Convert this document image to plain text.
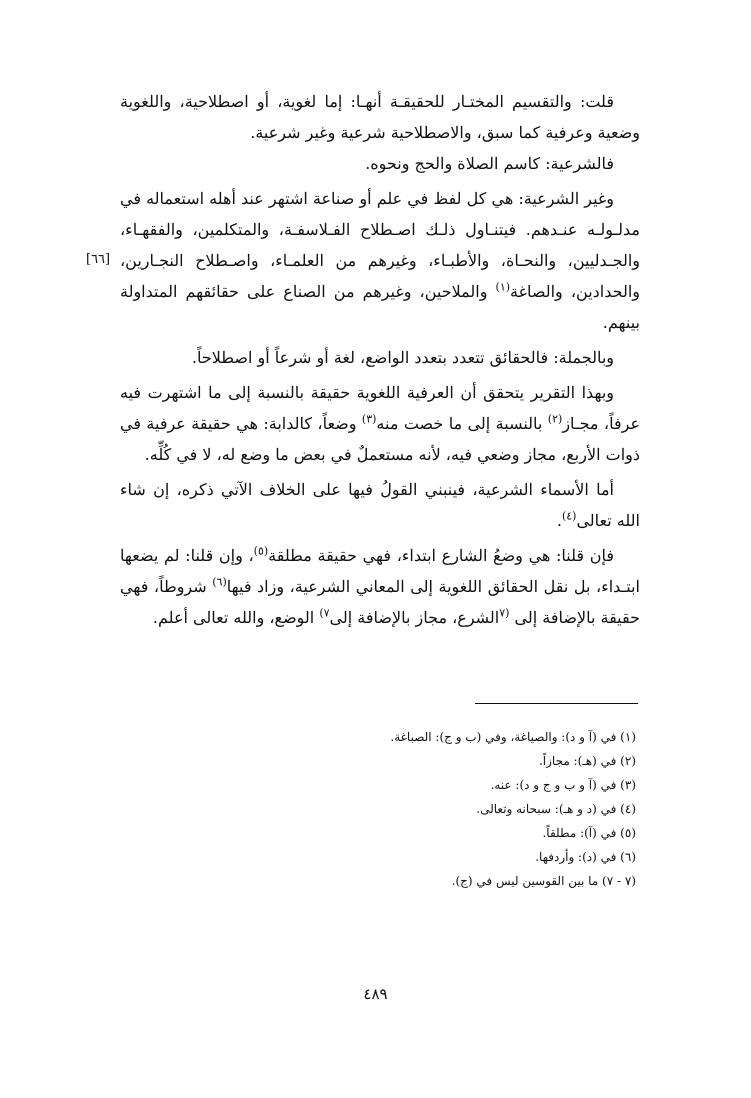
[٦٦]

قلت: والتقسيم المختـار للحقيقـة أنهـا: إما لغوية، أو اصطلاحية، واللغوية وضعية وعرفية كما سبق، والاصطلاحية شرعية وغير شرعية.

فالشرعية: كاسم الصلاة والحج ونحوه.

وغير الشرعية: هي كل لفظ في علم أو صناعة اشتهر عند أهله استعماله في مدلـولـه عنـدهم. فيتنـاول ذلـك اصـطلاح الفـلاسفـة، والمتكلمين، والفقهـاء، والجـدليين، والنحـاة، والأطبـاء، وغيرهم من العلمـاء، واصـطلاح النجـارين، والحدادين، والصاغة$^{(١)}$ والملاحين، وغيرهم من الصناع على حقائقهم المتداولة بينهم.

وبالجملة: فالحقائق تتعدد بتعدد الواضع، لغة أو شرعاً أو اصطلاحاً.

وبهذا التقرير يتحقق أن العرفية اللغوية حقيقة بالنسبة إلى ما اشتهرت فيه عرفاً، مجـاز$^{(٢)}$ بالنسبة إلى ما خصت منه$^{(٣)}$ وضعاً، كالدابة: هي حقيقة عرفية في ذوات الأربع، مجاز وضعي فيه، لأنه مستعملٌ في بعض ما وضع له، لا في كُلِّه.

أما الأسماء الشرعية، فينبني القولُ فيها على الخلاف الآتي ذكره، إن شاء الله تعالى$^{(٤)}$.

فإن قلنا: هي وضعُ الشارع ابتداء، فهي حقيقة مطلقة$^{(٥)}$، وإن قلنا: لم يضعها ابتـداء، بل نقل الحقائق اللغوية إلى المعاني الشرعية، وزاد فيها$^{(٦)}$ شروطاً، فهي حقيقة بالإضافة إلى $^{(٧}$الشرع، مجاز بالإضافة إلى$^{٧)}$ الوضع، والله تعالى أعلم.

(١) في (آ و د): والصياغة، وفي (ب و ج): الصباغة.
(٢) في (هـ): مجازاً.
(٣) في (آ و ب و ج و د): عنه.
(٤) في (د و هـ): سبحانه وتعالى.
(٥) في (آ): مطلقاً.
(٦) في (د): وأردفها.
(٧ - ٧) ما بين القوسين ليس في (ج).
٤٨٩
